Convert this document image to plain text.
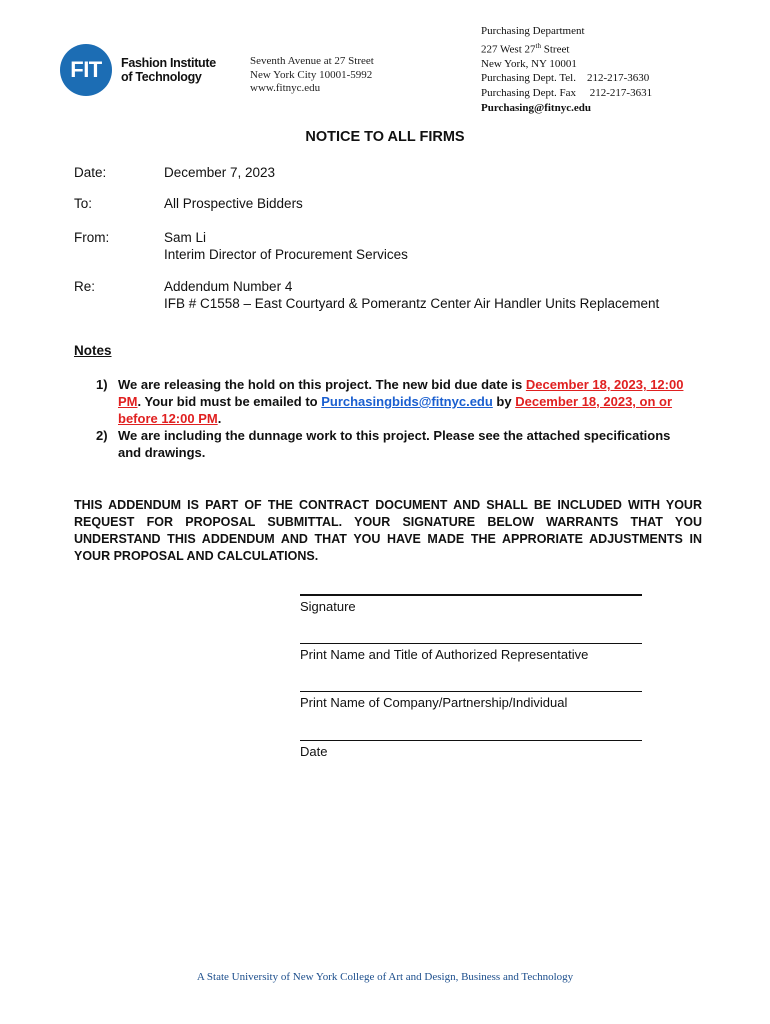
FIT	Fashion Institute
of Technology
Seventh Avenue at 27 Street
New York City 10001-5992
www.fitnyc.edu
Purchasing Department
227 West 27th Street
New York, NY 10001
Purchasing Dept. Tel.    212-217-3630
Purchasing Dept. Fax     212-217-3631
Purchasing@fitnyc.edu
NOTICE TO ALL FIRMS
Date:	December 7, 2023
To:	All Prospective Bidders
From:	Sam Li
Interim Director of Procurement Services
Re:	Addendum Number 4
IFB # C1558 – East Courtyard & Pomerantz Center Air Handler Units Replacement
Notes
1) We are releasing the hold on this project. The new bid due date is December 18, 2023, 12:00 PM. Your bid must be emailed to Purchasingbids@fitnyc.edu by December 18, 2023, on or before 12:00 PM.
2) We are including the dunnage work to this project. Please see the attached specifications and drawings.
THIS ADDENDUM IS PART OF THE CONTRACT DOCUMENT AND SHALL BE INCLUDED WITH YOUR REQUEST FOR PROPOSAL SUBMITTAL. YOUR SIGNATURE BELOW WARRANTS THAT YOU UNDERSTAND THIS ADDENDUM AND THAT YOU HAVE MADE THE APPRORIATE ADJUSTMENTS IN YOUR PROPOSAL AND CALCULATIONS.
Signature
Print Name and Title of Authorized Representative
Print Name of Company/Partnership/Individual
Date
A State University of New York College of Art and Design, Business and Technology
